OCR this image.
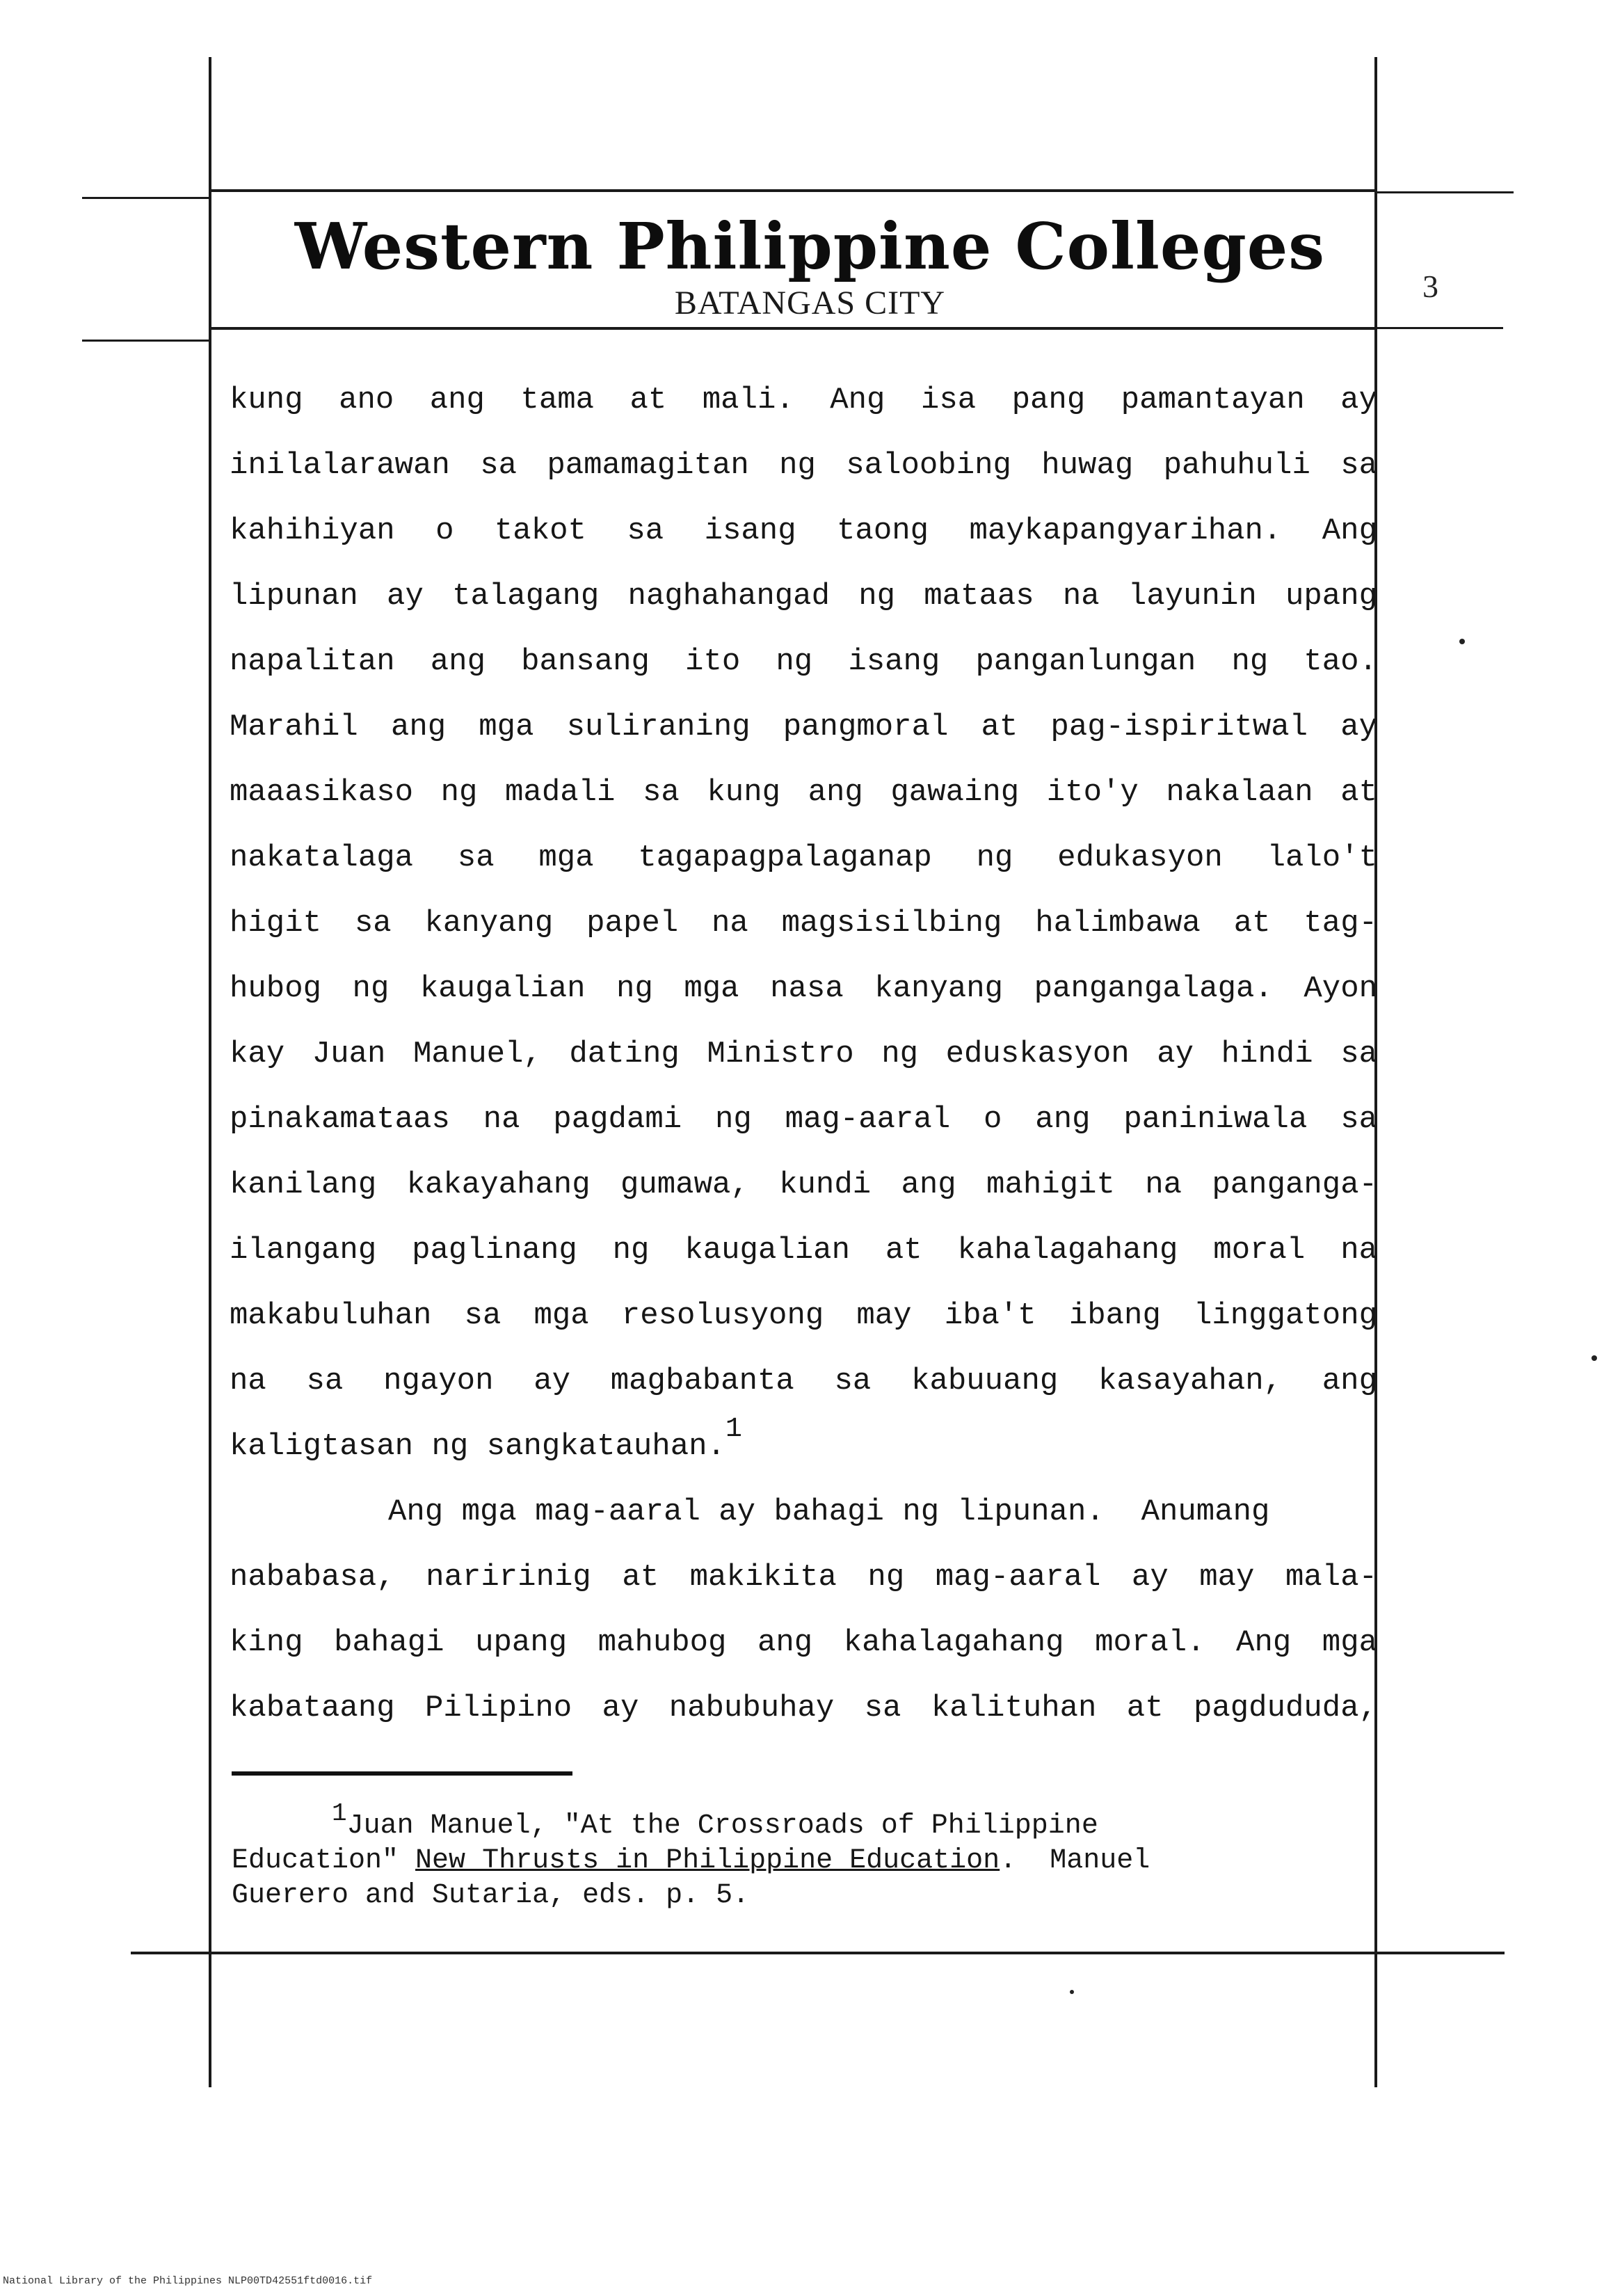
Western Philippine Colleges
BATANGAS CITY	3
kung ano ang tama at mali. Ang isa pang pamantayan ay
inilalarawan sa pamamagitan ng saloobing huwag pahuhuli sa
kahihiyan o takot sa isang taong maykapangyarihan. Ang
lipunan ay talagang naghahangad ng mataas na layunin upang
napalitan ang bansang ito ng isang panganlungan ng tao.
Marahil ang mga suliraning pangmoral at pag-ispiritwal ay
maaasikaso ng madali sa kung ang gawaing ito'y nakalaan at
nakatalaga sa mga tagapagpalaganap ng edukasyon lalo't
higit sa kanyang papel na magsisilbing halimbawa at tag-
hubog ng kaugalian ng mga nasa kanyang pangangalaga. Ayon
kay Juan Manuel, dating Ministro ng eduskasyon ay hindi sa
pinakamataas na pagdami ng mag-aaral o ang paniniwala sa
kanilang kakayahang gumawa, kundi ang mahigit na panganga-
ilangang paglinang ng kaugalian at kahalagahang moral na
makabuluhan sa mga resolusyong may iba't ibang linggatong
na sa ngayon ay magbabanta sa kabuuang kasayahan, ang
kaligtasan ng sangkatauhan.1
Ang mga mag-aaral ay bahagi ng lipunan.  Anumang
nababasa, naririnig at makikita ng mag-aaral ay may mala-
king bahagi upang mahubog ang kahalagahang moral. Ang mga
kabataang Pilipino ay nabubuhay sa kalituhan at pagdududa,
1Juan Manuel, "At the Crossroads of Philippine
Education" New Thrusts in Philippine Education.  Manuel
Guerero and Sutaria, eds. p. 5.
National Library of the Philippines NLP00TD42551ftd0016.tif
